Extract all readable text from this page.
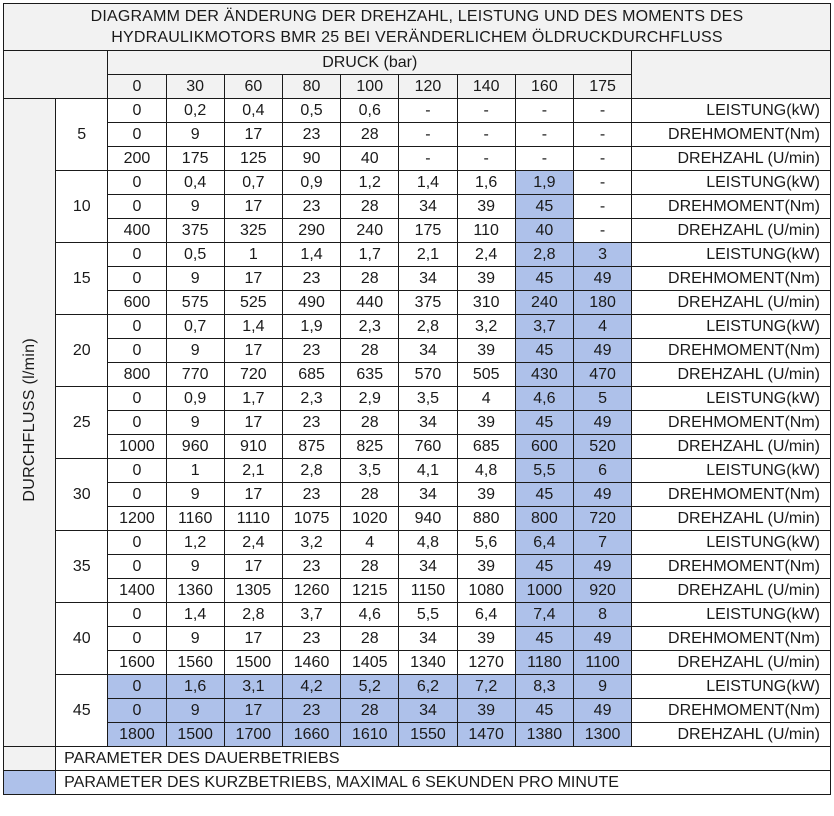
DIAGRAMM DER ÄNDERUNG DER DREHZAHL, LEISTUNG UND DES MOMENTS DES
HYDRAULIKMOTORS BMR 25 BEI VERÄNDERLICHEM ÖLDRUCKDURCHFLUSS											

		DRUCK (bar)									
		0	30	60	80	100	120	140	160	175	
DURCHFLUSS (l/min)	5	0	0,2	0,4	0,5	0,6	-	-	-	-	LEISTUNG(kW)
		0	9	17	23	28	-	-	-	-	DREHMOMENT(Nm)
		200	175	125	90	40	-	-	-	-	DREHZAHL (U/min)
	10	0	0,4	0,7	0,9	1,2	1,4	1,6	1,9	-	LEISTUNG(kW)
		0	9	17	23	28	34	39	45	-	DREHMOMENT(Nm)
		400	375	325	290	240	175	110	40	-	DREHZAHL (U/min)
	15	0	0,5	1	1,4	1,7	2,1	2,4	2,8	3	LEISTUNG(kW)
		0	9	17	23	28	34	39	45	49	DREHMOMENT(Nm)
		600	575	525	490	440	375	310	240	180	DREHZAHL (U/min)
	20	0	0,7	1,4	1,9	2,3	2,8	3,2	3,7	4	LEISTUNG(kW)
		0	9	17	23	28	34	39	45	49	DREHMOMENT(Nm)
		800	770	720	685	635	570	505	430	470	DREHZAHL (U/min)
	25	0	0,9	1,7	2,3	2,9	3,5	4	4,6	5	LEISTUNG(kW)
		0	9	17	23	28	34	39	45	49	DREHMOMENT(Nm)
		1000	960	910	875	825	760	685	600	520	DREHZAHL (U/min)
	30	0	1	2,1	2,8	3,5	4,1	4,8	5,5	6	LEISTUNG(kW)
		0	9	17	23	28	34	39	45	49	DREHMOMENT(Nm)
		1200	1160	1110	1075	1020	940	880	800	720	DREHZAHL (U/min)
	35	0	1,2	2,4	3,2	4	4,8	5,6	6,4	7	LEISTUNG(kW)
		0	9	17	23	28	34	39	45	49	DREHMOMENT(Nm)
		1400	1360	1305	1260	1215	1150	1080	1000	920	DREHZAHL (U/min)
	40	0	1,4	2,8	3,7	4,6	5,5	6,4	7,4	8	LEISTUNG(kW)
		0	9	17	23	28	34	39	45	49	DREHMOMENT(Nm)
		1600	1560	1500	1460	1405	1340	1270	1180	1100	DREHZAHL (U/min)
	45	0	1,6	3,1	4,2	5,2	6,2	7,2	8,3	9	LEISTUNG(kW)
		0	9	17	23	28	34	39	45	49	DREHMOMENT(Nm)
		1800	1500	1700	1660	1610	1550	1470	1380	1300	DREHZAHL (U/min)
	PARAMETER DES DAUERBETRIEBS										
	PARAMETER DES KURZBETRIEBS, MAXIMAL 6 SEKUNDEN PRO MINUTE										
